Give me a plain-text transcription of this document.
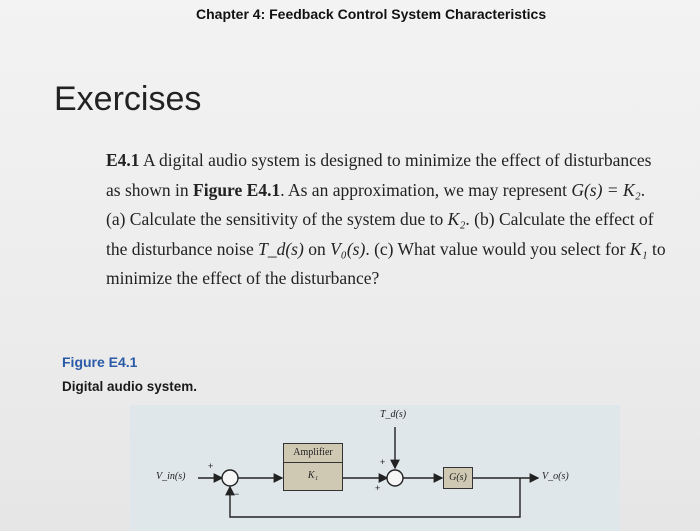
Chapter 4: Feedback Control System Characteristics
Exercises

E4.1 A digital audio system is designed to minimize the effect of disturbances as shown in Figure E4.1. As an approximation, we may represent G(s) = K₂. (a) Calculate the sensitivity of the system due to K₂. (b) Calculate the effect of the disturbance noise T_d(s) on V₀(s). (c) What value would you select for K₁ to minimize the effect of the disturbance?

Figure E4.1
Digital audio system.
V_in(s)	V_o(s)
T_d(s)
+
−
+
+
Amplifier
K₁	G(s)
